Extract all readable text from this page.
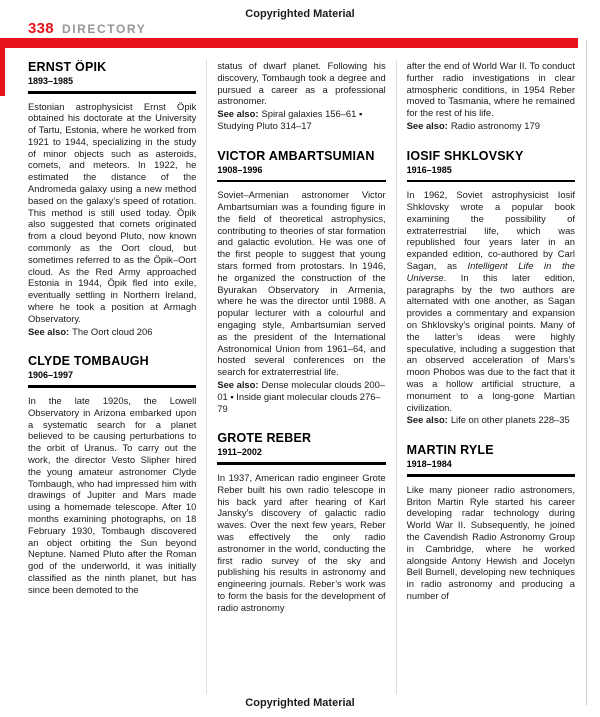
Copyrighted Material
338 DIRECTORY
ERNST ÖPIK
1893–1985

Estonian astrophysicist Ernst Öpik obtained his doctorate at the University of Tartu, Estonia, where he worked from 1921 to 1944, specializing in the study of minor objects such as asteroids, comets, and meteors. In 1922, he estimated the distance of the Andromeda galaxy using a new method based on the galaxy’s speed of rotation. This method is still used today. Öpik also suggested that comets originated from a cloud beyond Pluto, now known commonly as the Oort cloud, but sometimes referred to as the Öpik–Oort cloud. As the Red Army approached Estonia in 1944, Öpik fled into exile, eventually settling in Northern Ireland, where he took a position at Armagh Observatory.

See also: The Oort cloud 206

CLYDE TOMBAUGH
1906–1997

In the late 1920s, the Lowell Observatory in Arizona embarked upon a systematic search for a planet believed to be causing perturbations to the orbit of Uranus. To carry out the work, the director Vesto Slipher hired the young amateur astronomer Clyde Tombaugh, who had impressed him with drawings of Jupiter and Mars made using a homemade telescope. After 10 months examining photographs, on 18 February 1930, Tombaugh discovered an object orbiting the Sun beyond Neptune. Named Pluto after the Roman god of the underworld, it was initially classified as the ninth planet, but has since been demoted to the

status of dwarf planet. Following his discovery, Tombaugh took a degree and pursued a career as a professional astronomer.

See also: Spiral galaxies 156–61 ▪ Studying Pluto 314–17

VICTOR AMBARTSUMIAN
1908–1996

Soviet–Armenian astronomer Victor Ambartsumian was a founding figure in the field of theoretical astrophysics, contributing to theories of star formation and galactic evolution. He was one of the first people to suggest that young stars formed from protostars. In 1946, he organized the construction of the Byurakan Observatory in Armenia, where he was the director until 1988. A popular lecturer with a colourful and engaging style, Ambartsumian served as the president of the International Astronomical Union from 1961–64, and hosted several conferences on the search for extraterrestrial life.

See also: Dense molecular clouds 200–01 ▪ Inside giant molecular clouds 276–79

GROTE REBER
1911–2002

In 1937, American radio engineer Grote Reber built his own radio telescope in his back yard after hearing of Karl Jansky’s discovery of galactic radio waves. Over the next few years, Reber was effectively the only radio astronomer in the world, conducting the first radio survey of the sky and publishing his results in astronomy and engineering journals. Reber’s work was to form the basis for the development of radio astronomy

after the end of World War II. To conduct further radio investigations in clear atmospheric conditions, in 1954 Reber moved to Tasmania, where he remained for the rest of his life.

See also: Radio astronomy 179

IOSIF SHKLOVSKY
1916–1985

In 1962, Soviet astrophysicist Iosif Shklovsky wrote a popular book examining the possibility of extraterrestrial life, which was republished four years later in an expanded edition, co-authored by Carl Sagan, as Intelligent Life in the Universe. In this later edition, paragraphs by the two authors are alternated with one another, as Sagan provides a commentary and expansion on Shklovsky’s original points. Many of the latter’s ideas were highly speculative, including a suggestion that an observed acceleration of Mars’s moon Phobos was due to the fact that it was a hollow artificial structure, a monument to a long-gone Martian civilization.

See also: Life on other planets 228–35

MARTIN RYLE
1918–1984

Like many pioneer radio astronomers, Briton Martin Ryle started his career developing radar technology during World War II. Subsequently, he joined the Cavendish Radio Astronomy Group in Cambridge, where he worked alongside Antony Hewish and Jocelyn Bell Burnell, developing new techniques in radio astronomy and producing a number of

Copyrighted Material
